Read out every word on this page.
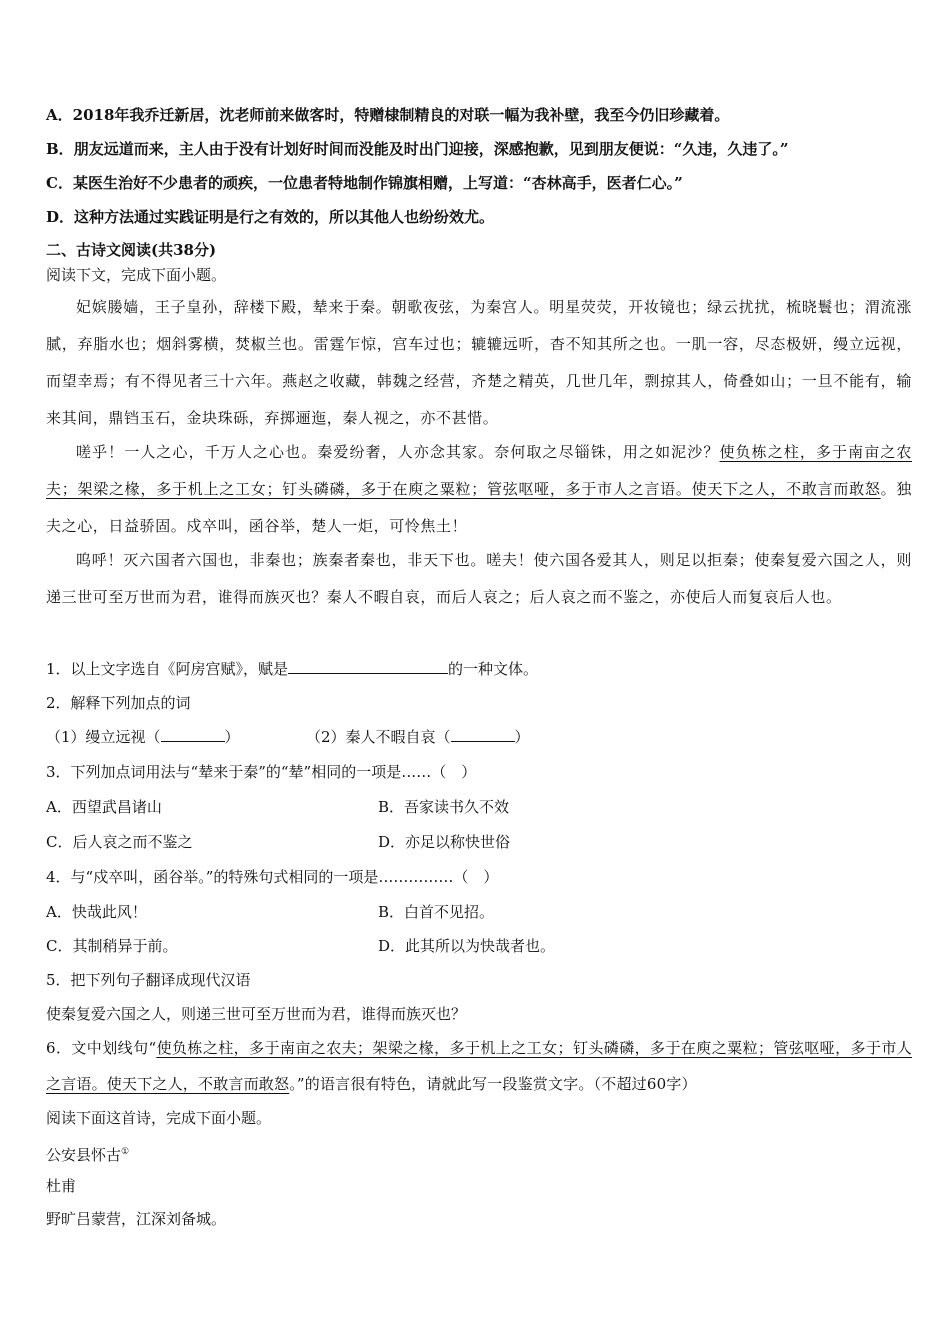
A．2018年我乔迁新居，沈老师前来做客时，特赠棣制精良的对联一幅为我补壁，我至今仍旧珍藏着。
B．朋友远道而来，主人由于没有计划好时间而没能及时出门迎接，深感抱歉，见到朋友便说：“久违，久违了。”
C．某医生治好不少患者的顽疾，一位患者特地制作锦旗相赠，上写道：“杏林高手，医者仁心。”
D．这种方法通过实践证明是行之有效的，所以其他人也纷纷效尤。
二、古诗文阅读(共38分)
阅读下文，完成下面小题。
妃嫔媵嫱，王子皇孙，辞楼下殿，辇来于秦。朝歌夜弦，为秦宫人。明星荧荧，开妆镜也；绿云扰扰，梳晓鬟也；渭流涨腻，弃脂水也；烟斜雾横，焚椒兰也。雷霆乍惊，宫车过也；辘辘远听，杳不知其所之也。一肌一容，尽态极妍，缦立远视，而望幸焉；有不得见者三十六年。燕赵之收藏，韩魏之经营，齐楚之精英，几世几年，剽掠其人，倚叠如山；一旦不能有，输来其间，鼎铛玉石，金块珠砾，弃掷逦迤，秦人视之，亦不甚惜。
嗟乎！一人之心，千万人之心也。秦爱纷奢，人亦念其家。奈何取之尽锱铢，用之如泥沙？使负栋之柱，多于南亩之农夫；架梁之椽，多于机上之工女；钉头磷磷，多于在庾之粟粒；管弦呕哑，多于市人之言语。使天下之人，不敢言而敢怒。独夫之心，日益骄固。戍卒叫，函谷举，楚人一炬，可怜焦土！
呜呼！灭六国者六国也，非秦也；族秦者秦也，非天下也。嗟夫！使六国各爱其人，则足以拒秦；使秦复爱六国之人，则递三世可至万世而为君，谁得而族灭也？秦人不暇自哀，而后人哀之；后人哀之而不鉴之，亦使后人而复哀后人也。
1．以上文字选自《阿房宫赋》，赋是	的一种文体。
2．解释下列加点的词
（1）缦立远视（	）	（2）秦人不暇自哀（	）
3．下列加点词用法与“辇来于秦”的“辇”相同的一项是……（　）
A．西望武昌诸山	B．吾家读书久不效
C．后人哀之而不鉴之	D．亦足以称快世俗
4．与“戍卒叫，函谷举。”的特殊句式相同的一项是……………（　）
A．快哉此风！	B．白首不见招。
C．其制稍异于前。	D．此其所以为快哉者也。
5．把下列句子翻译成现代汉语
使秦复爱六国之人，则递三世可至万世而为君，谁得而族灭也？
6．文中划线句“使负栋之柱，多于南亩之农夫；架梁之椽，多于机上之工女；钉头磷磷，多于在庾之粟粒；管弦呕哑，多于市人之言语。使天下之人，不敢言而敢怒。”的语言很有特色，请就此写一段鉴赏文字。（不超过60字）
阅读下面这首诗，完成下面小题。
公安县怀古①
杜甫
野旷吕蒙营，江深刘备城。
